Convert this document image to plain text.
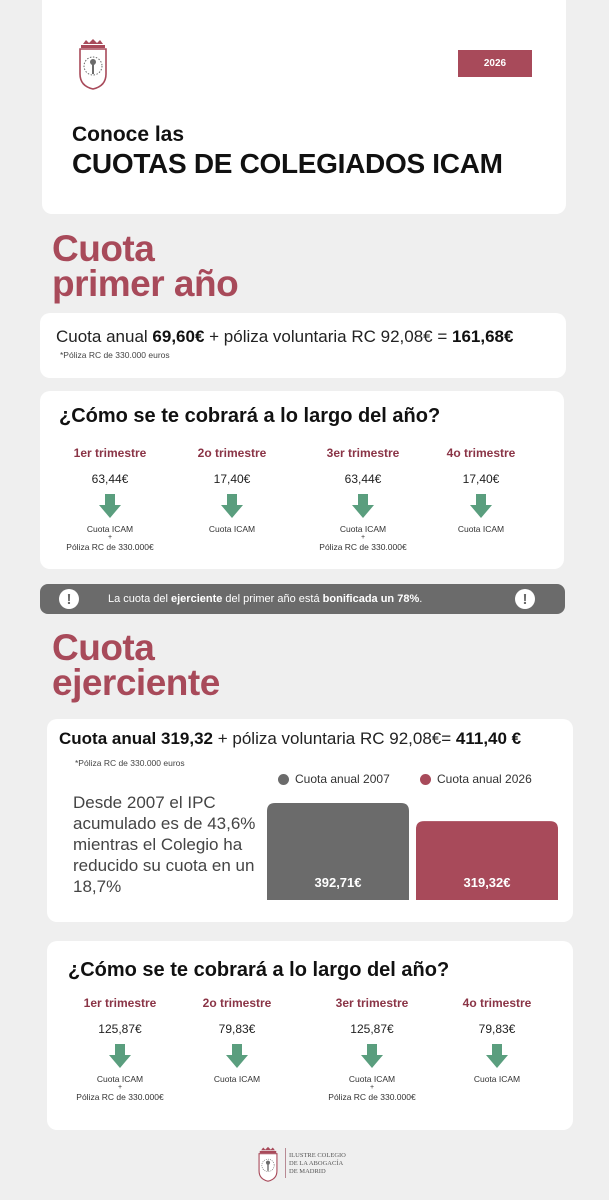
2026
Conoce las
CUOTAS DE COLEGIADOS ICAM
Cuota
primer año
Cuota anual 69,60€ + póliza voluntaria RC 92,08€ = 161,68€
*Póliza RC de 330.000 euros
¿Cómo se te cobrará a lo largo del año?
1er trimestre
63,44€
Cuota ICAM
+
Póliza RC de 330.000€
2o trimestre
17,40€
Cuota ICAM
3er trimestre
63,44€
Cuota ICAM
+
Póliza RC de 330.000€
4o trimestre
17,40€
Cuota ICAM
!	La cuota del ejerciente del primer año está bonificada un 78%.	!
Cuota
ejerciente
Cuota anual 319,32 + póliza voluntaria RC 92,08€= 411,40 €
*Póliza RC de 330.000 euros
Cuota anual 2007	Cuota anual 2026
Desde 2007 el IPC acumulado es de 43,6% mientras el Colegio ha reducido su cuota en un 18,7%	392,71€	319,32€
¿Cómo se te cobrará a lo largo del año?
1er trimestre
125,87€
Cuota ICAM
+
Póliza RC de 330.000€
2o trimestre
79,83€
Cuota ICAM
3er trimestre
125,87€
Cuota ICAM
+
Póliza RC de 330.000€
4o trimestre
79,83€
Cuota ICAM
ILUSTRE COLEGIO
DE LA ABOGACÍA
DE MADRID
